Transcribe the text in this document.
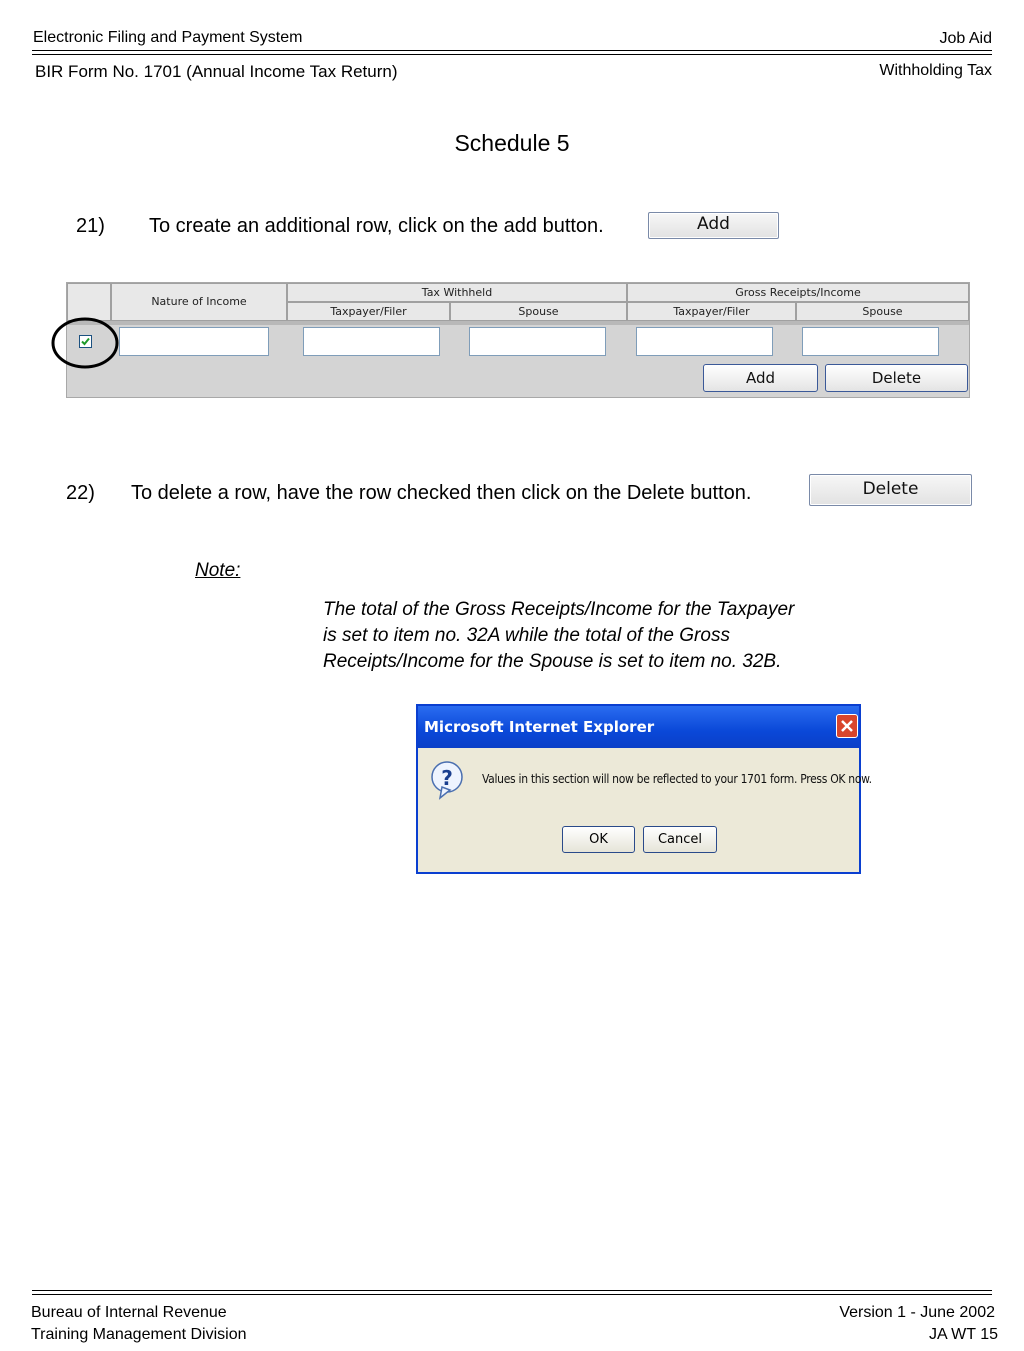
Electronic Filing and Payment System	Job Aid
BIR Form No. 1701 (Annual Income Tax Return)	Withholding Tax
Schedule 5
21) To create an additional row, click on the add button.	Add
Nature of Income
Tax Withheld	Gross Receipts/Income
Taxpayer/Filer	Spouse	Taxpayer/Filer	Spouse
Add	Delete
22) To delete a row, have the row checked then click on the Delete button.	Delete
Note:
The total of the Gross Receipts/Income for the Taxpayer
is set to item no. 32A while the total of the Gross
Receipts/Income for the Spouse is set to item no. 32B.
Microsoft Internet Explorer
? Values in this section will now be reflected to your 1701 form. Press OK now.
OK	Cancel
Bureau of Internal Revenue
Training Management Division
Version 1 - June 2002
JA WT 15
